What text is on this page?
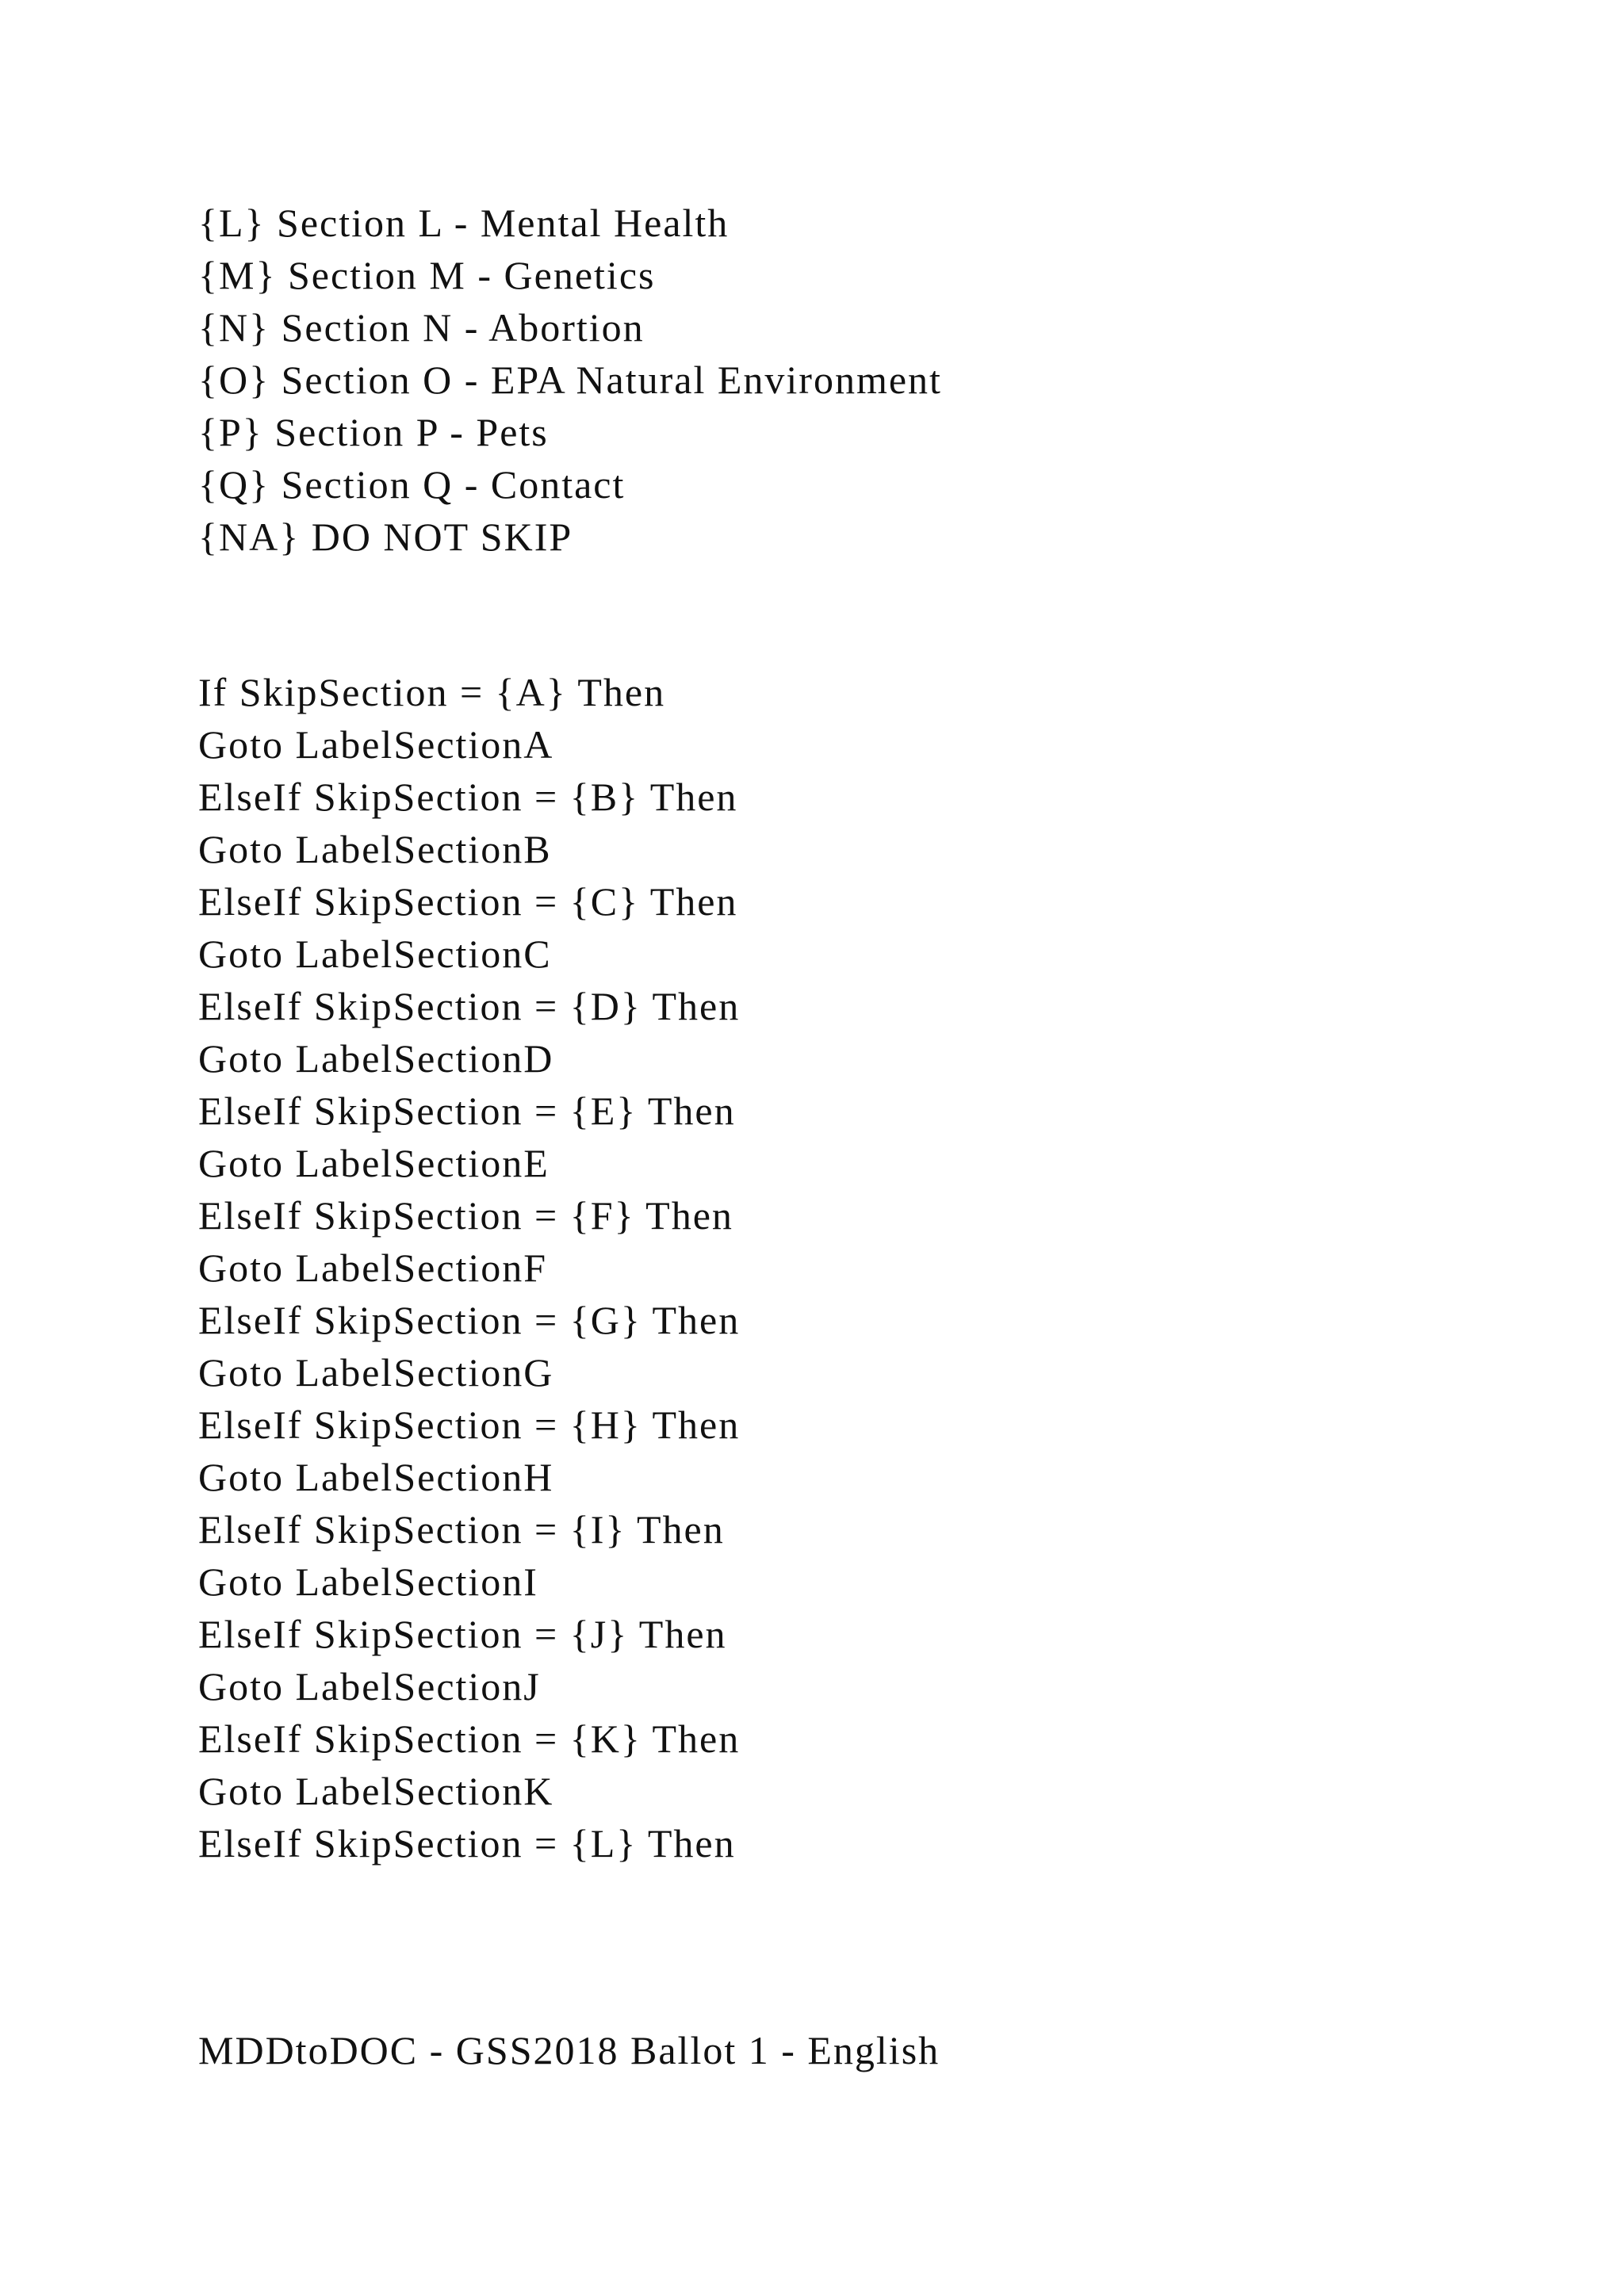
{L} Section L - Mental Health
{M} Section M - Genetics
{N} Section N - Abortion
{O} Section O - EPA Natural Environment
{P} Section P - Pets
{Q} Section Q - Contact
{NA} DO NOT SKIP
If SkipSection = {A} Then
Goto LabelSectionA
ElseIf SkipSection = {B} Then
Goto LabelSectionB
ElseIf SkipSection = {C} Then
Goto LabelSectionC
ElseIf SkipSection = {D} Then
Goto LabelSectionD
ElseIf SkipSection = {E} Then
Goto LabelSectionE
ElseIf SkipSection = {F} Then
Goto LabelSectionF
ElseIf SkipSection = {G} Then
Goto LabelSectionG
ElseIf SkipSection = {H} Then
Goto LabelSectionH
ElseIf SkipSection = {I} Then
Goto LabelSectionI
ElseIf SkipSection = {J} Then
Goto LabelSectionJ
ElseIf SkipSection = {K} Then
Goto LabelSectionK
ElseIf SkipSection = {L} Then
MDDtoDOC - GSS2018 Ballot 1 - English
